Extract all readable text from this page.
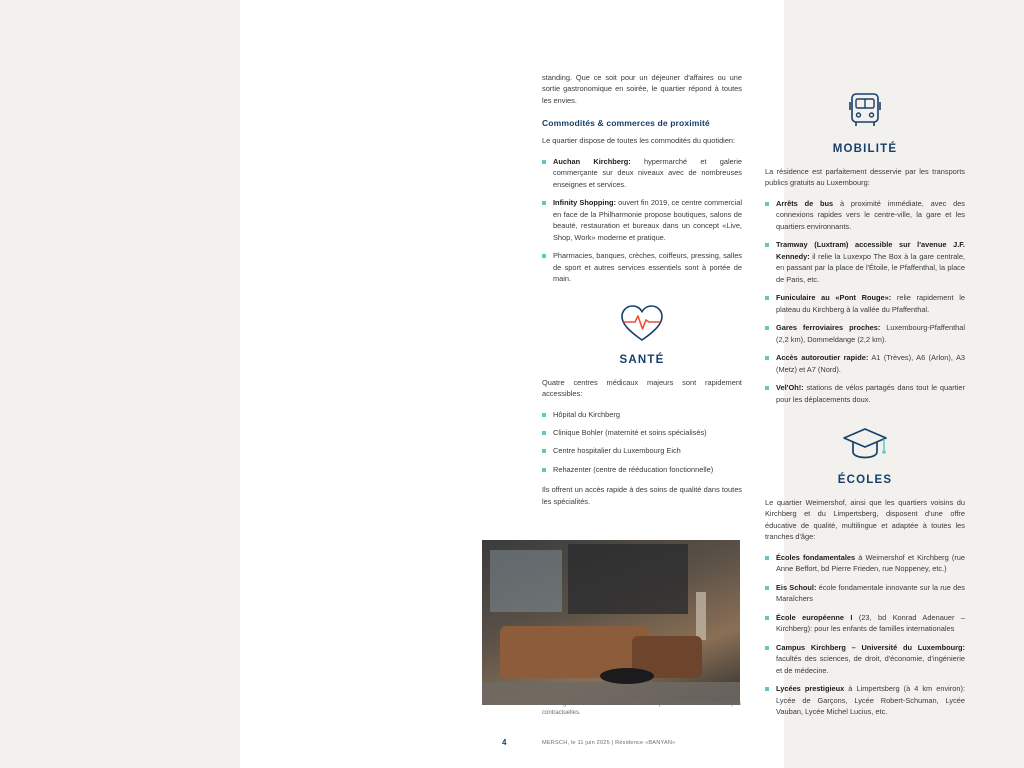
standing. Que ce soit pour un déjeuner d'affaires ou une sortie gastronomique en soirée, le quartier répond à toutes les envies.

Commodités & commerces de proximité

Le quartier dispose de toutes les commodités du quotidien:

Auchan Kirchberg: hypermarché et galerie commerçante sur deux niveaux avec de nombreuses enseignes et services.
Infinity Shopping: ouvert fin 2019, ce centre commercial en face de la Philharmonie propose boutiques, salons de beauté, restauration et bureaux dans un concept «Live, Shop, Work» moderne et pratique.
Pharmacies, banques, crèches, coiffeurs, pressing, salles de sport et autres services essentiels sont à portée de main.
SANTÉ

Quatre centres médicaux majeurs sont rapidement accessibles:

Hôpital du Kirchberg
Clinique Bohler (maternité et soins spécialisés)
Centre hospitalier du Luxembourg Eich
Rehazenter (centre de rééducation fonctionnelle)

Ils offrent un accès rapide à des soins de qualité dans toutes les spécialités.

MOBILITÉ

La résidence est parfaitement desservie par les transports publics gratuits au Luxembourg:

Arrêts de bus à proximité immédiate, avec des connexions rapides vers le centre-ville, la gare et les quartiers environnants.
Tramway (Luxtram) accessible sur l'avenue J.F. Kennedy: il relie la Luxexpo The Box à la gare centrale, en passant par la place de l'Étoile, le Pfaffenthal, la place de Paris, etc.
Funiculaire au «Pont Rouge»: relie rapidement le plateau du Kirchberg à la vallée du Pfaffenthal.
Gares ferroviaires proches: Luxembourg-Pfaffenthal (2,2 km), Dommeldange (2,2 km).
Accès autoroutier rapide: A1 (Trèves), A6 (Arlon), A3 (Metz) et A7 (Nord).
Vel'Oh!: stations de vélos partagés dans tout le quartier pour les déplacements doux.
ÉCOLES

Le quartier Weimershof, ainsi que les quartiers voisins du Kirchberg et du Limpertsberg, disposent d'une offre éducative de qualité, multilingue et adaptée à toutes les tranches d'âge:

Écoles fondamentales à Weimershof et Kirchberg (rue Anne Beffort, bd Pierre Frieden, rue Noppeney, etc.)
Eis Schoul: école fondamentale innovante sur la rue des Maraîchers
École européenne I (23, bd Konrad Adenauer – Kirchberg): pour les enfants de familles internationales
Campus Kirchberg – Université du Luxembourg: facultés des sciences, de droit, d'économie, d'ingénierie et de médecine.
Lycées prestigieux à Limpertsberg (à 4 km environ): Lycée de Garçons, Lycée Robert-Schuman, Lycée Vauban, Lycée Michel Lucius, etc.
Les images dans cette brochure ne le sont qu'à titre indicatif et ne sont pas contractuelles.
4	MERSCH, le 11 juin 2025 | Résidence «BANYAN»
